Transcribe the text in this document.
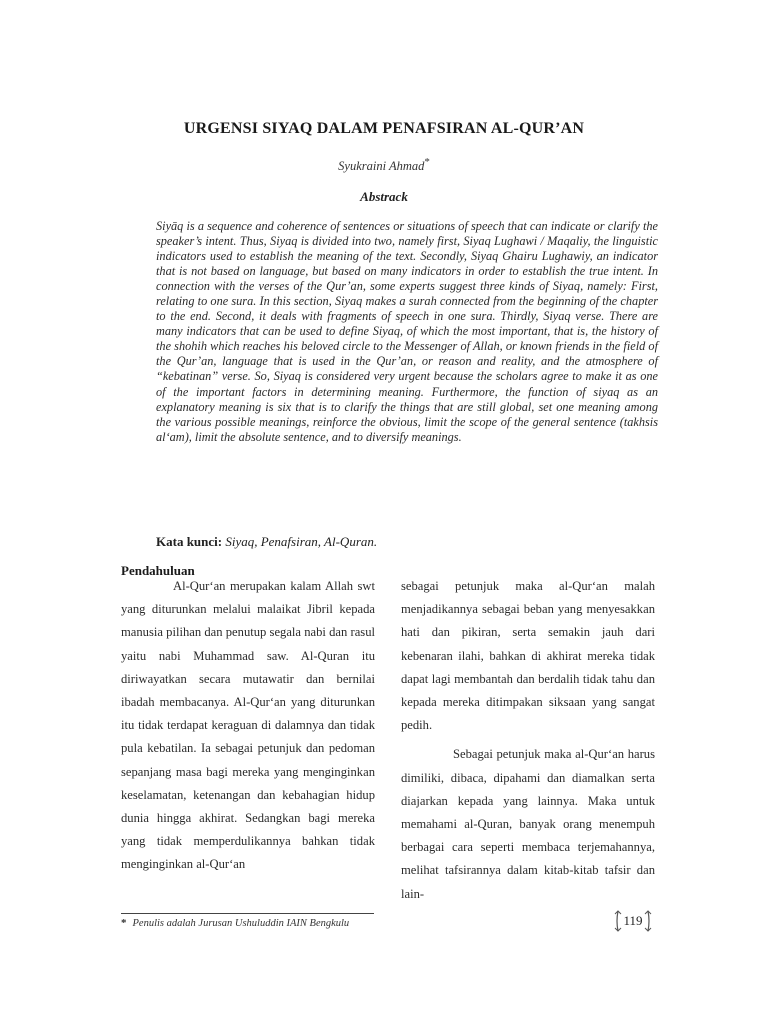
URGENSI SIYAQ DALAM PENAFSIRAN AL-QUR’AN
Syukraini Ahmad*
Abstrack

Siyāq is a sequence and coherence of sentences or situations of speech that can indicate or clarify the speaker’s intent. Thus, Siyaq is divided into two, namely first, Siyaq Lughawi / Maqaliy, the linguistic indicators used to establish the meaning of the text. Secondly, Siyaq Ghairu Lughawiy, an indicator that is not based on language, but based on many indicators in order to establish the true intent. In connection with the verses of the Qur’an, some experts suggest three kinds of Siyaq, namely: First, relating to one sura. In this section, Siyaq makes a surah connected from the beginning of the chapter to the end. Second, it deals with fragments of speech in one sura. Thirdly, Siyaq verse. There are many indicators that can be used to define Siyaq, of which the most important, that is, the history of the shohih which reaches his beloved circle to the Messenger of Allah, or known friends in the field of the Qur’an, language that is used in the Qur’an, or reason and reality, and the atmosphere of “kebatinan” verse. So, Siyaq is considered very urgent because the scholars agree to make it as one of the important factors in determining meaning. Furthermore, the function of siyaq as an explanatory meaning is six that is to clarify the things that are still global, set one meaning among the various possible meanings, reinforce the obvious, limit the scope of the general sentence (takhsis al‘am), limit the absolute sentence, and to diversify meanings.

Kata kunci: Siyaq, Penafsiran, Al-Quran.
Pendahuluan

Al-Qur‘an merupakan kalam Allah swt yang diturunkan melalui malaikat Jibril kepada manusia pilihan dan penutup segala nabi dan rasul yaitu nabi Muhammad saw. Al-Quran itu diriwayatkan secara mutawatir dan bernilai ibadah membacanya. Al-Qur‘an yang diturunkan itu tidak terdapat keraguan di dalamnya dan tidak pula kebatilan. Ia sebagai petunjuk dan pedoman sepanjang masa bagi mereka yang menginginkan keselamatan, ketenangan dan kebahagian hidup dunia hingga akhirat. Sedangkan bagi mereka yang tidak memperdulikannya bahkan tidak menginginkan al-Qur‘an

sebagai petunjuk maka al-Qur‘an malah menjadikannya sebagai beban yang menyesakkan hati dan pikiran, serta semakin jauh dari kebenaran ilahi, bahkan di akhirat mereka tidak dapat lagi membantah dan berdalih tidak tahu dan kepada mereka ditimpakan siksaan yang sangat pedih.

Sebagai petunjuk maka al-Qur‘an harus dimiliki, dibaca, dipahami dan diamalkan serta diajarkan kepada yang lainnya. Maka untuk memahami al-Quran, banyak orang menempuh berbagai cara seperti membaca terjemahannya, melihat tafsirannya dalam kitab-kitab tafsir dan lain-

* Penulis adalah Jurusan Ushuluddin IAIN Bengkulu	119
